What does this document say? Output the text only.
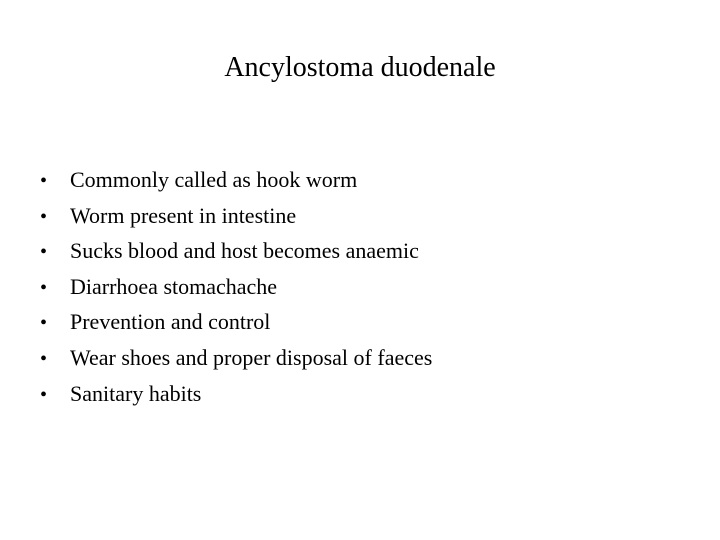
Ancylostoma duodenale
•	Commonly called as hook worm
•	Worm present in intestine
•	Sucks blood and host becomes anaemic
•	Diarrhoea stomachache
•	Prevention and control
•	Wear shoes and proper disposal of faeces
•	Sanitary habits
